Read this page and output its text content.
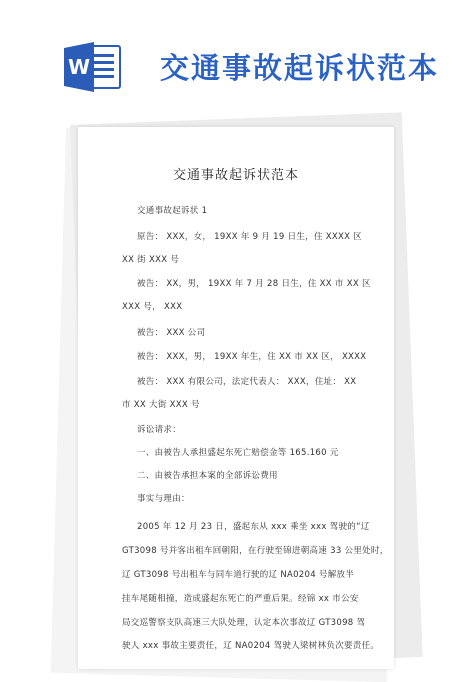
W 交通事故起诉状范本
交通事故起诉状范本
交通事故起诉状 1
原告： XXX，女， 19XX 年 9 月 19 日生，住 XXXX 区
XX 街 XXX 号
被告： XX，男， 19XX 年 7 月 28 日生，住 XX 市 XX 区
XXX 号， XXX
被告： XXX 公司
被告： XXX，男， 19XX 年生，住 XX 市 XX 区， XXXX
被告： XXX 有限公司，法定代表人： XXX，住址： XX
市 XX 大街 XXX 号
诉讼请求：
一、由被告人承担盛起东死亡赔偿金等 165.160 元
二、由被告承担本案的全部诉讼费用
事实与理由：
2005 年 12 月 23 日，盛起东从 xxx 乘坐 xxx 驾驶的“辽
GT3098 号并客出租车回朝阳，在行驶至锦进朝高速 33 公里处时，
辽 GT3098 号出租车与同车道行驶的辽 NA0204 号解放半
挂车尾随相撞，造成盛起东死亡的严重后果。经锦 xx 市公安
局交巡警察支队高速三大队处理，认定本次事故辽 GT3098 驾
驶人 xxx 事故主要责任，辽 NA0204 驾驶人梁树林负次要责任。
